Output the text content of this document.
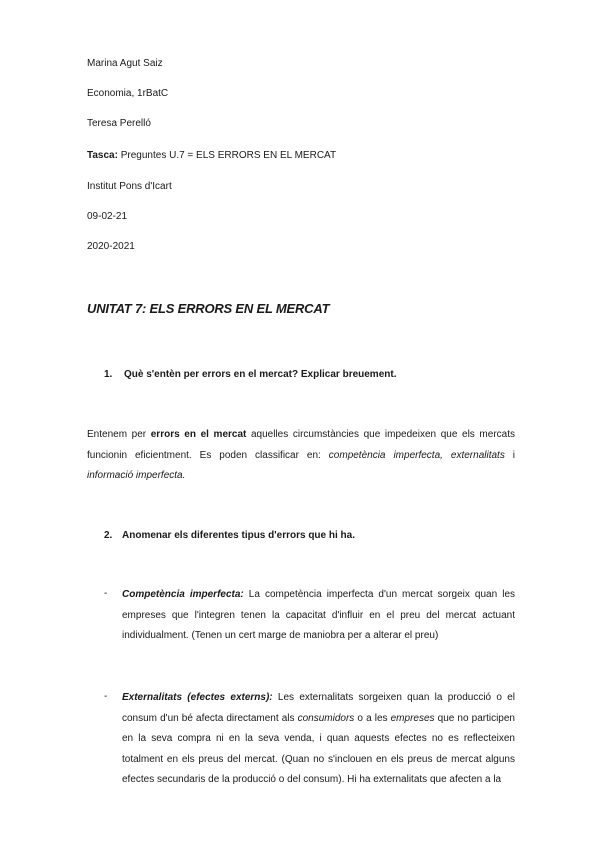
Marina Agut Saiz
Economia, 1rBatC
Teresa Perelló
Tasca: Preguntes U.7 = ELS ERRORS EN EL MERCAT
Institut Pons d'Icart
09-02-21
2020-2021
UNITAT 7: ELS ERRORS EN EL MERCAT
1. Què s'entèn per errors en el mercat? Explicar breuement.
Entenem per errors en el mercat aquelles circumstàncies que impedeixen que els mercats funcionin eficientment. Es poden classificar en: competència imperfecta, externalitats i informació imperfecta.
2. Anomenar els diferentes tipus d'errors que hi ha.
- Competència imperfecta: La competència imperfecta d'un mercat sorgeix quan les empreses que l'integren tenen la capacitat d'influir en el preu del mercat actuant individualment. (Tenen un cert marge de maniobra per a alterar el preu)
- Externalitats (efectes externs): Les externalitats sorgeixen quan la producció o el consum d'un bé afecta directament als consumidors o a les empreses que no participen en la seva compra ni en la seva venda, i quan aquests efectes no es reflecteixen totalment en els preus del mercat. (Quan no s'inclouen en els preus de mercat alguns efectes secundaris de la producció o del consum). Hi ha externalitats que afecten a la
